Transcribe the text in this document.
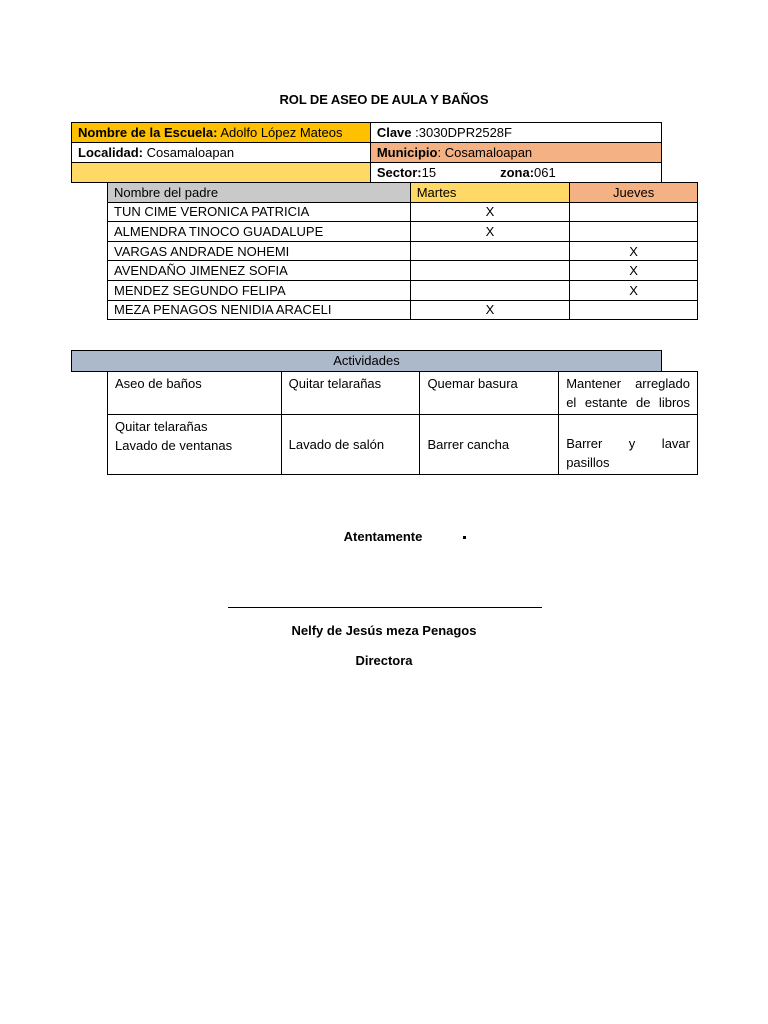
ROL DE ASEO DE AULA Y BAÑOS
Nombre de la Escuela: Adolfo López Mateos	Clave :3030DPR2528F
Localidad: Cosamaloapan	Municipio: Cosamaloapan
	Sector:15 zona:061
Nombre del padre	Martes	Jueves
TUN CIME VERONICA PATRICIA	X	
ALMENDRA TINOCO GUADALUPE	X	
VARGAS ANDRADE NOHEMI		X
AVENDAÑO JIMENEZ SOFIA		X
MENDEZ SEGUNDO FELIPA		X
MEZA PENAGOS NENIDIA ARACELI	X	
Actividades
Aseo de baños	Quitar telarañas	Quemar basura	Mantener arreglado el estante de libros

Quitar telarañas
Lavado de ventanas	Lavado de salón	Barrer cancha	Barrer y lavar pasillos
Atentamente
Nelfy de Jesús meza Penagos
Directora
